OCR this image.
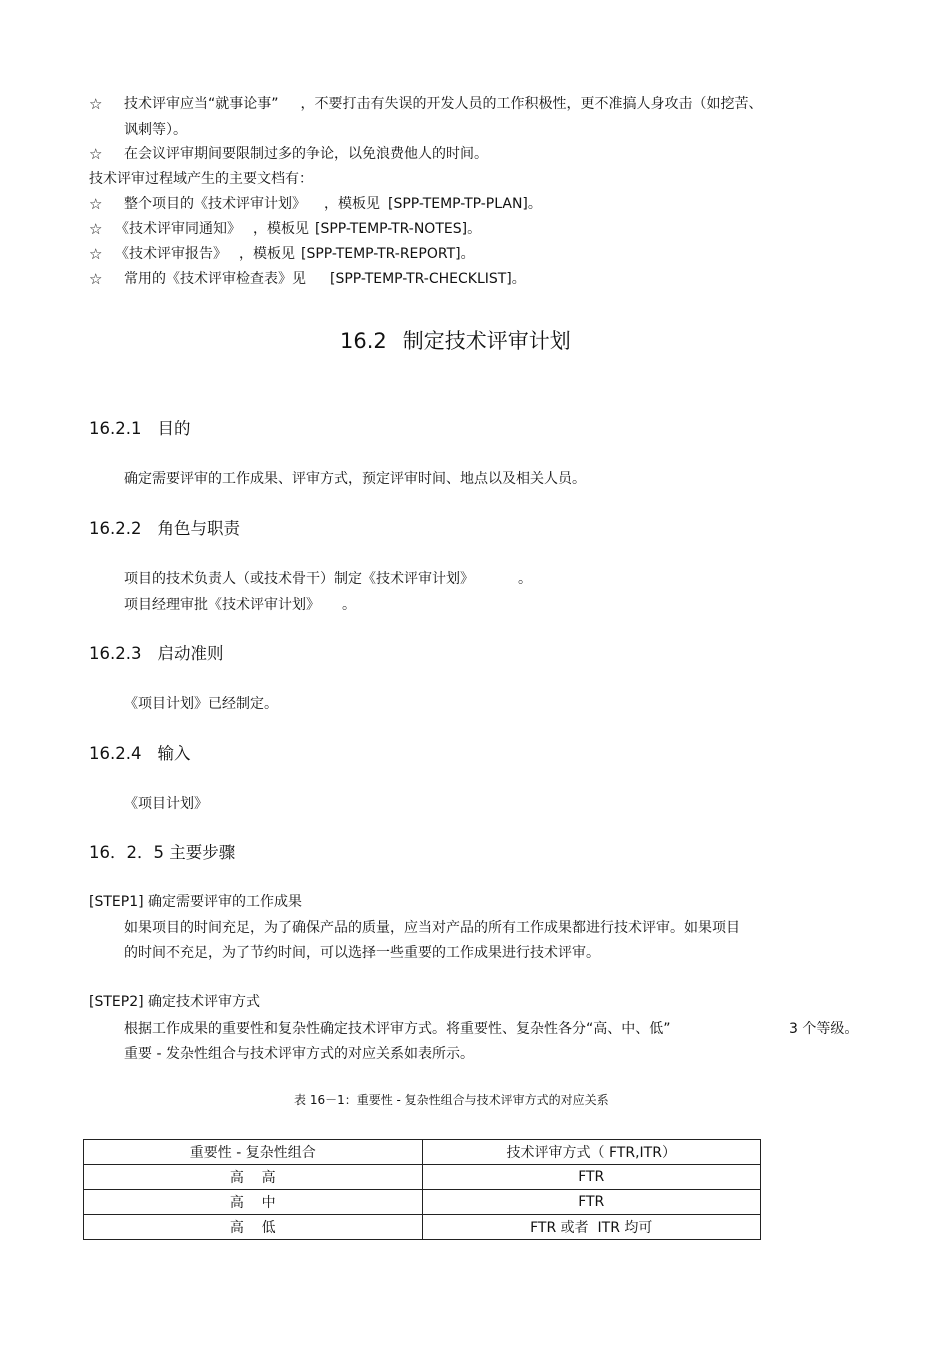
☆ 技术评审应当“就事论事” ，不要打击有失误的开发人员的工作积极性，更不准搞人身攻击（如挖苦、
讽刺等）。
☆ 在会议评审期间要限制过多的争论，以免浪费他人的时间。
技术评审过程域产生的主要文档有：
☆ 整个项目的《技术评审计划》 ，模板见 [SPP-TEMP-TP-PLAN]。
☆ 《技术评审同通知》 ，模板见 [SPP-TEMP-TR-NOTES]。
☆ 《技术评审报告》 ，模板见 [SPP-TEMP-TR-REPORT]。
☆ 常用的《技术评审检查表》见 [SPP-TEMP-TR-CHECKLIST]。
16.2 制定技术评审计划
16.2.1 目的
确定需要评审的工作成果、评审方式，预定评审时间、地点以及相关人员。
16.2.2 角色与职责
项目的技术负责人（或技术骨干）制定《技术评审计划》	。
项目经理审批《技术评审计划》 。
16.2.3 启动准则
《项目计划》已经制定。
16.2.4 输入
《项目计划》
16．2．5 主要步骤
[STEP1] 确定需要评审的工作成果
如果项目的时间充足，为了确保产品的质量，应当对产品的所有工作成果都进行技术评审。如果项目
的时间不充足，为了节约时间，可以选择一些重要的工作成果进行技术评审。
[STEP2] 确定技术评审方式
根据工作成果的重要性和复杂性确定技术评审方式。将重要性、复杂性各分“高、中、低”	3 个等级。
重要 - 发杂性组合与技术评审方式的对应关系如表所示。
表 16－1：重要性 - 复杂性组合与技术评审方式的对应关系
重要性 - 复杂性组合	技术评审方式（ FTR,ITR）
高    高	FTR
高    中	FTR
高    低	FTR 或者  ITR 均可
